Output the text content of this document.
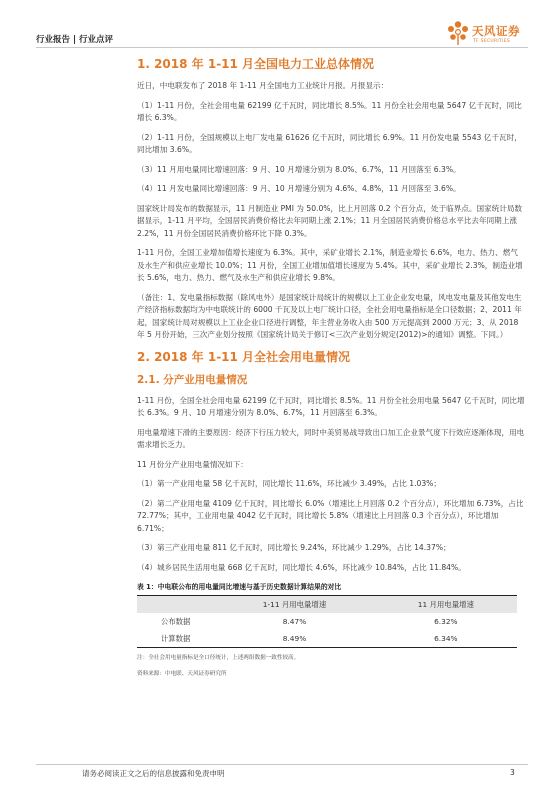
行业报告 | 行业点评
天风证券
TF SECURITIES
1. 2018 年 1-11 月全国电力工业总体情况

近日，中电联发布了 2018 年 1-11 月全国电力工业统计月报。月报显示：

（1）1-11 月份，全社会用电量 62199 亿千瓦时，同比增长 8.5%。11 月份全社会用电量 5647 亿千瓦时，同比增长 6.3%。

（2）1-11 月份，全国规模以上电厂发电量 61626 亿千瓦时，同比增长 6.9%。11 月份发电量 5543 亿千瓦时，同比增加 3.6%。

（3）11 月用电量同比增速回落：9 月、10 月增速分别为 8.0%、6.7%，11 月回落至 6.3%。

（4）11 月发电量同比增速回落：9 月、10 月增速分别为 4.6%、4.8%，11 月回落至 3.6%。

国家统计局发布的数据显示，11 月制造业 PMI 为 50.0%，比上月回落 0.2 个百分点，处于临界点。国家统计局数据显示，1-11 月平均，全国居民消费价格比去年同期上涨 2.1%；11 月全国居民消费价格总水平比去年同期上涨 2.2%，11 月份全国居民消费价格环比下降 0.3%。

1-11 月份，全国工业增加值增长速度为 6.3%。其中，采矿业增长 2.1%，制造业增长 6.6%，电力、热力、燃气及水生产和供应业增长 10.0%；11 月份，全国工业增加值增长速度为 5.4%。其中，采矿业增长 2.3%，制造业增长 5.6%，电力、热力、燃气及水生产和供应业增长 9.8%。

（备注：1、发电量指标数据（除风电外）是国家统计局统计的规模以上工业企业发电量，风电发电量及其他发电生产经济指标数据均为中电联统计的 6000 千瓦及以上电厂统计口径，全社会用电量指标是全口径数据；2、2011 年起，国家统计局对规模以上工业企业口径进行调整，年主营业务收入由 500 万元提高到 2000 万元；3、从 2018 年 5 月份开始，三次产业划分按照《国家统计局关于修订<三次产业划分规定(2012)>的通知》调整。下同。）

2. 2018 年 1-11 月全社会用电量情况
2.1. 分产业用电量情况

1-11 月份，全国全社会用电量 62199 亿千瓦时，同比增长 8.5%。11 月份全社会用电量 5647 亿千瓦时，同比增长 6.3%。9 月、10 月增速分别为 8.0%、6.7%，11 月回落至 6.3%。

用电量增速下滑的主要原因：经济下行压力较大，同时中美贸易战导致出口加工企业景气度下行效应逐渐体现，用电需求增长乏力。

11 月份分产业用电量情况如下：

（1）第一产业用电量 58 亿千瓦时，同比增长 11.6%，环比减少 3.49%，占比 1.03%；

（2）第二产业用电量 4109 亿千瓦时，同比增长 6.0%（增速比上月回落 0.2 个百分点），环比增加 6.73%，占比 72.77%；其中，工业用电量 4042 亿千瓦时，同比增长 5.8%（增速比上月回落 0.3 个百分点），环比增加 6.71%；

（3）第三产业用电量 811 亿千瓦时，同比增长 9.24%，环比减少 1.29%，占比 14.37%；

（4）城乡居民生活用电量 668 亿千瓦时，同比增长 4.6%，环比减少 10.84%，占比 11.84%。

表 1：中电联公布的用电量同比增速与基于历史数据计算结果的对比
	1-11 月用电量增速	11 月用电量增速
公布数据	8.47%	6.32%
计算数据	8.49%	6.34%
注：全社会用电量指标是全口径统计，上述两组数据一致性较高。
资料来源：中电联、天风证券研究所
请务必阅读正文之后的信息披露和免责申明	3
